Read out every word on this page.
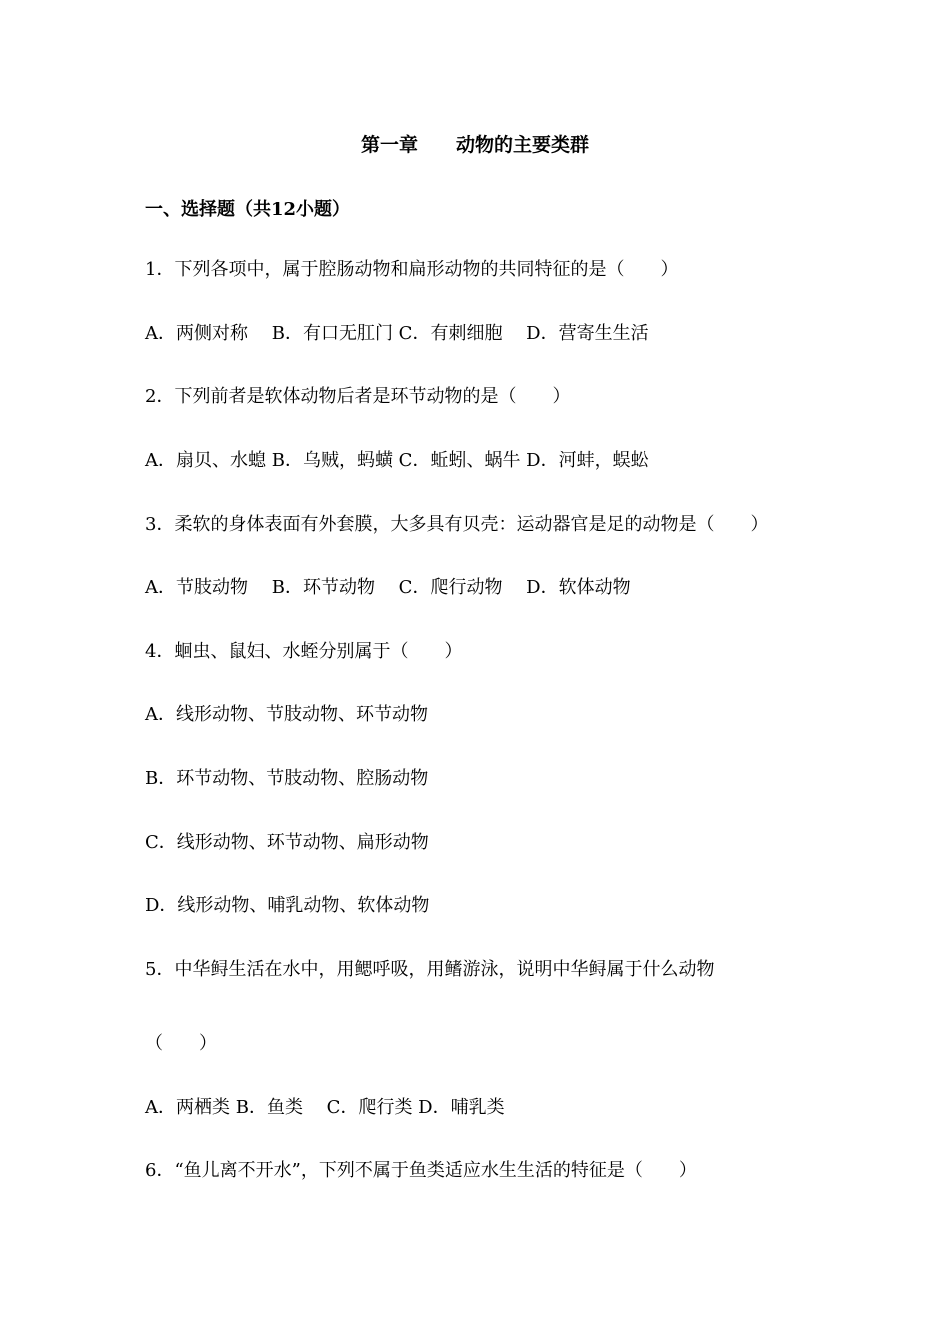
第一章　　动物的主要类群
一、选择题（共12小题）
1．下列各项中，属于腔肠动物和扁形动物的共同特征的是（　　）
A．两侧对称　 B．有口无肛门 C．有刺细胞　 D．营寄生生活
2．下列前者是软体动物后者是环节动物的是（　　）
A．扇贝、水螅 B．乌贼，蚂蟥 C．蚯蚓、蜗牛 D．河蚌，蜈蚣
3．柔软的身体表面有外套膜，大多具有贝壳：运动器官是足的动物是（　　）
A．节肢动物　 B．环节动物　 C．爬行动物　 D．软体动物
4．蛔虫、鼠妇、水蛭分别属于（　　）
A．线形动物、节肢动物、环节动物
B．环节动物、节肢动物、腔肠动物
C．线形动物、环节动物、扁形动物
D．线形动物、哺乳动物、软体动物
5．中华鲟生活在水中，用鳃呼吸，用鳍游泳，说明中华鲟属于什么动物
（　　）
A．两栖类 B．鱼类　 C．爬行类 D．哺乳类
6．“鱼儿离不开水”，下列不属于鱼类适应水生生活的特征是（　　）
